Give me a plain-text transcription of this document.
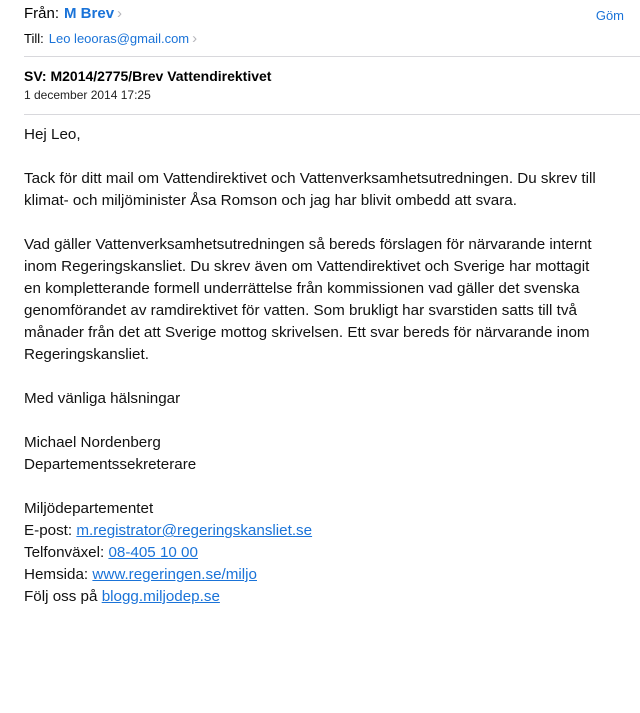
Från: M Brev ›	Göm
Till: Leo leooras@gmail.com ›
SV: M2014/2775/Brev Vattendirektivet
1 december 2014 17:25

Hej Leo,

Tack för ditt mail om Vattendirektivet och Vattenverksamhetsutredningen. Du skrev till
klimat- och miljöminister Åsa Romson och jag har blivit ombedd att svara.

Vad gäller Vattenverksamhetsutredningen så bereds förslagen för närvarande internt
inom Regeringskansliet. Du skrev även om Vattendirektivet och Sverige har mottagit
en kompletterande formell underrättelse från kommissionen vad gäller det svenska
genomförandet av ramdirektivet för vatten. Som brukligt har svarstiden satts till två
månader från det att Sverige mottog skrivelsen. Ett svar bereds för närvarande inom
Regeringskansliet.

Med vänliga hälsningar

Michael Nordenberg
Departementssekreterare

Miljödepartementet
E-post: m.registrator@regeringskansliet.se
Telfonväxel: 08-405 10 00
Hemsida: www.regeringen.se/miljo
Följ oss på blogg.miljodep.se
